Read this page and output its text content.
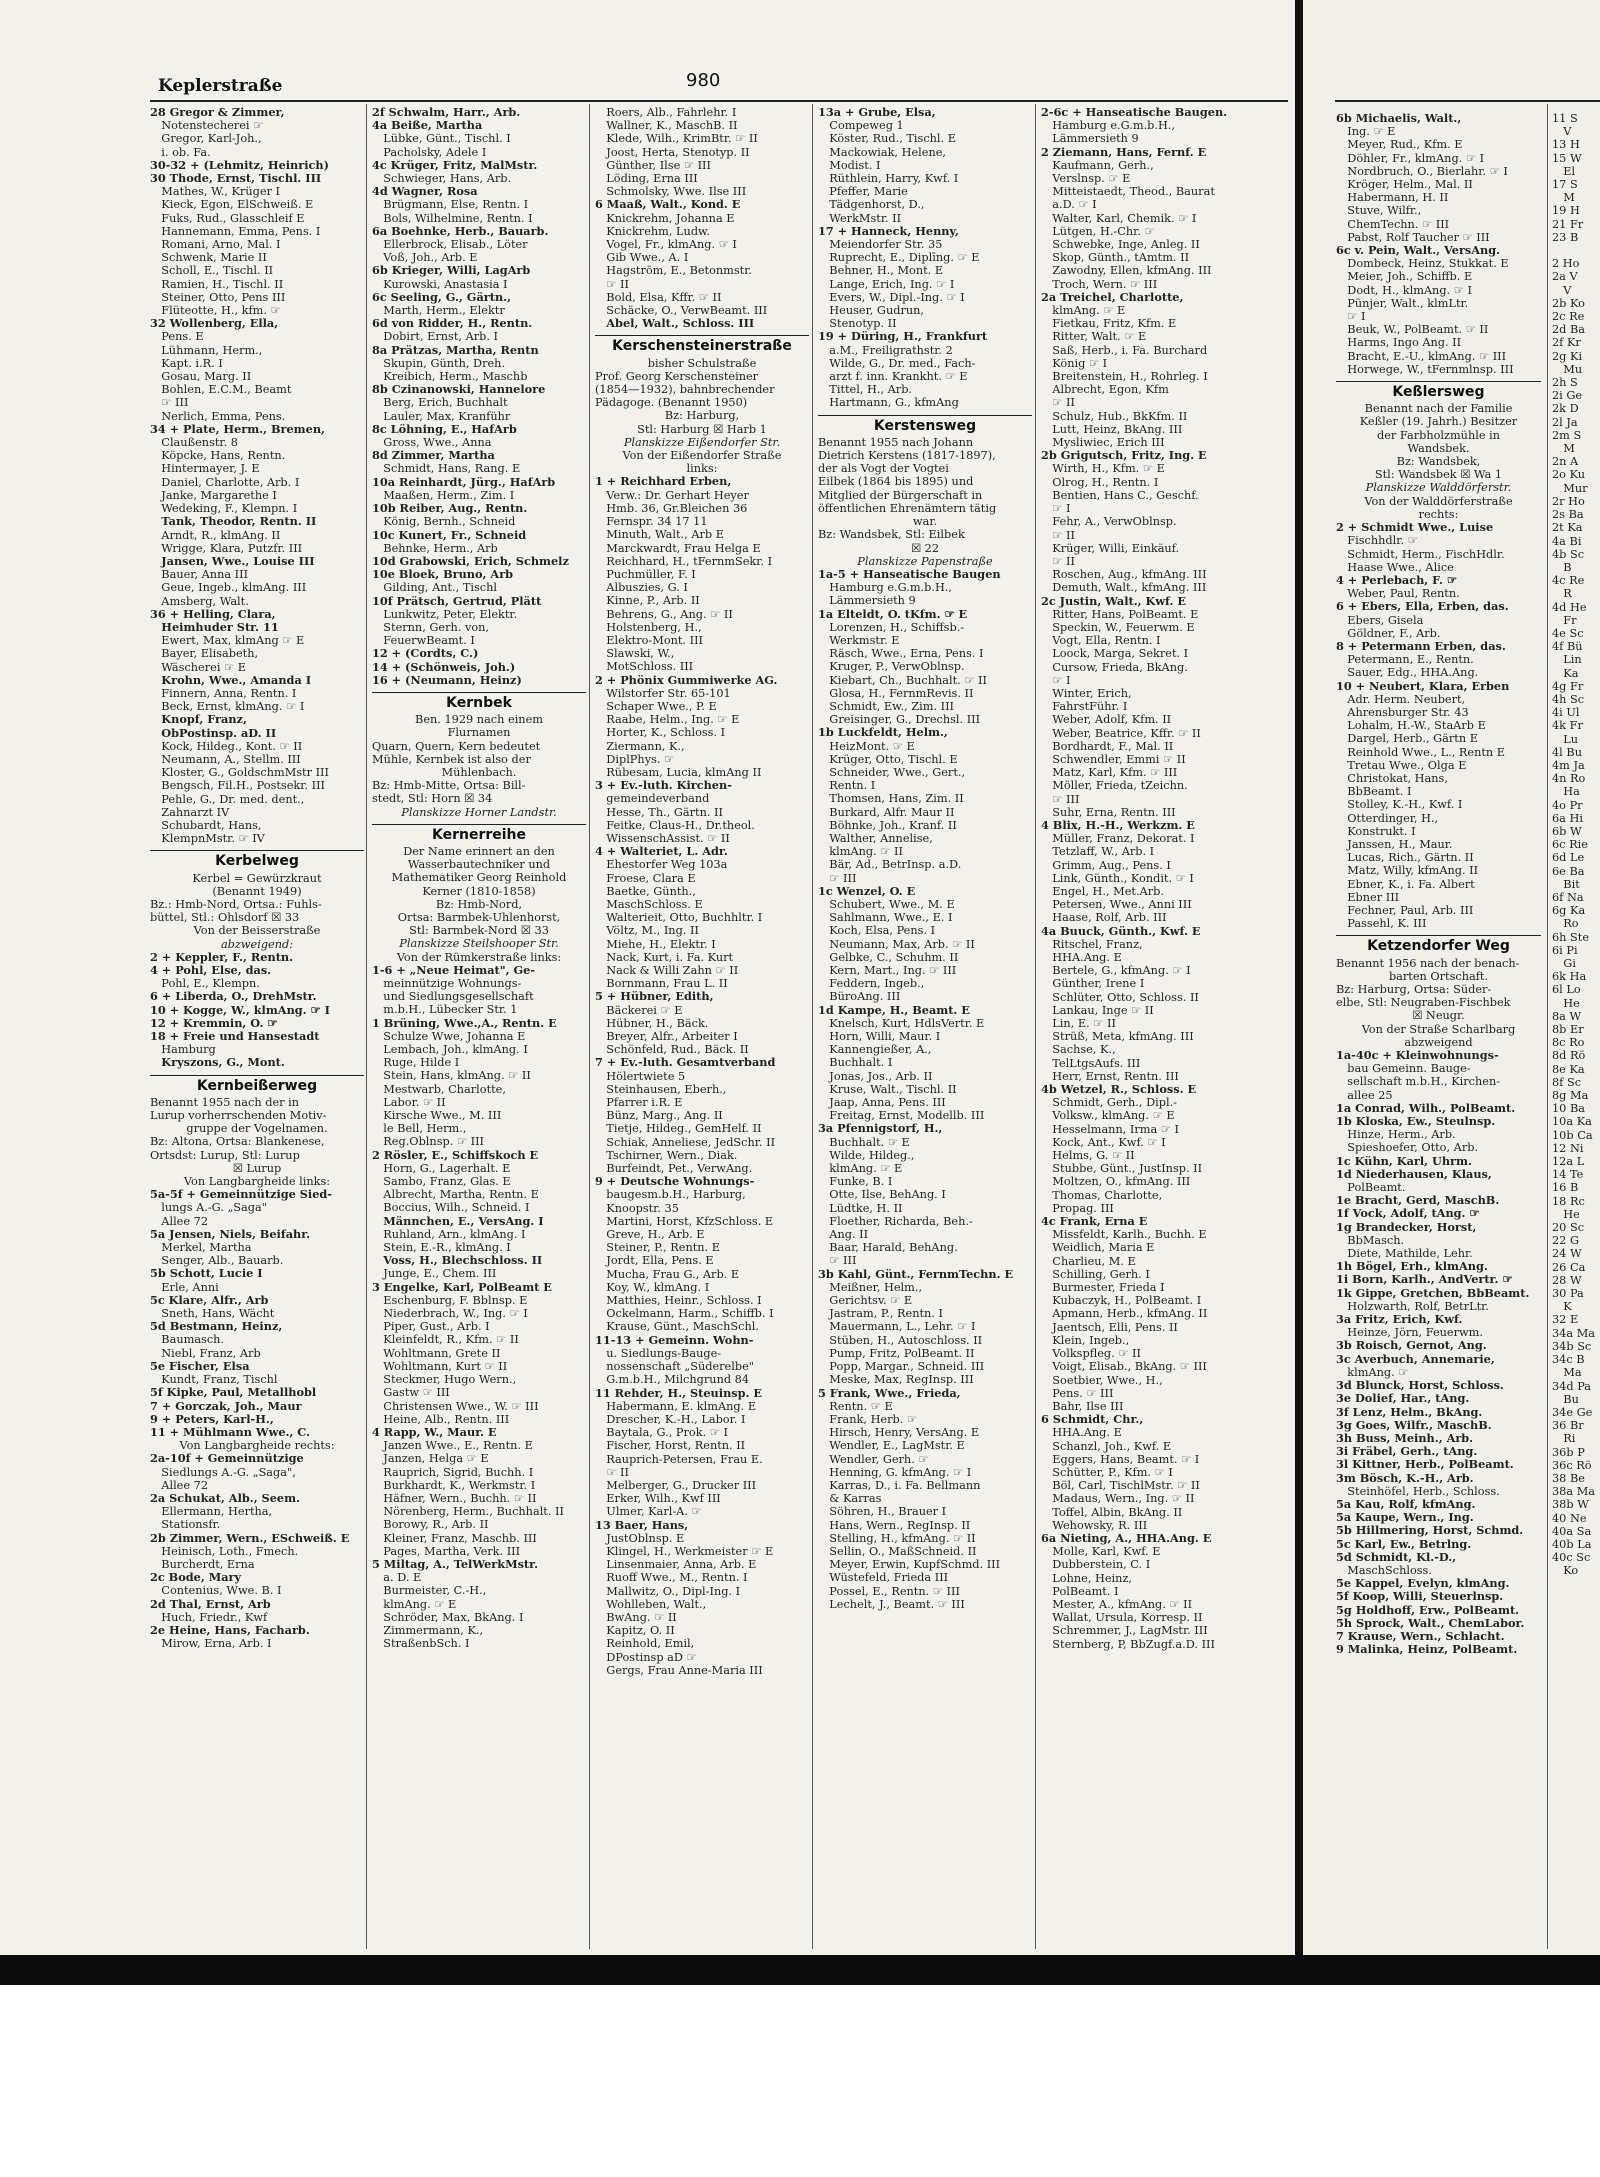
Keplerstraße	980
28 Gregor & Zimmer,
 Notenstecherei ☞
 Gregor, Karl-Joh.,
 i. ob. Fa.
30-32 + (Lehmitz, Heinrich)
30 Thode, Ernst, Tischl. III
 Mathes, W., Krüger I
 Kieck, Egon, ElSchweiß. E
 Fuks, Rud., Glasschleif E
 Hannemann, Emma, Pens. I
 Romani, Arno, Mal. I
 Schwenk, Marie II
 Scholl, E., Tischl. II
 Ramien, H., Tischl. II
 Steiner, Otto, Pens III
 Flüteotte, H., kfm. ☞
32 Wollenberg, Ella,
 Pens. E
 Lühmann, Herm.,
 Kapt. i.R. I
 Gosau, Marg. II
 Bohlen, E.C.M., Beamt
 ☞ III
 Nerlich, Emma, Pens.
34 + Plate, Herm., Bremen,
 Claußenstr. 8
 Köpcke, Hans, Rentn.
 Hintermayer, J. E
 Daniel, Charlotte, Arb. I
 Janke, Margarethe I
 Wedeking, F., Klempn. I
 Tank, Theodor, Rentn. II
 Arndt, R., klmAng. II
 Wrigge, Klara, Putzfr. III
 Jansen, Wwe., Louise III
 Bauer, Anna III
 Geue, Ingeb., klmAng. III
 Amsberg, Walt.
36 + Helling, Clara,
 Heimhuder Str. 11
 Ewert, Max, klmAng ☞ E
 Bayer, Elisabeth,
 Wäscherei ☞ E
 Krohn, Wwe., Amanda I
 Finnern, Anna, Rentn. I
 Beck, Ernst, klmAng. ☞ I
 Knopf, Franz,
 ObPostinsp. aD. II
 Kock, Hildeg., Kont. ☞ II
 Neumann, A., Stellm. III
 Kloster, G., GoldschmMstr III
 Bengsch, Fil.H., Postsekr. III
 Pehle, G., Dr. med. dent.,
 Zahnarzt IV
 Schubardt, Hans,
 KlempnMstr. ☞ IV
Kerbelweg
Kerbel = Gewürzkraut
(Benannt 1949)
Bz.: Hmb-Nord, Ortsa.: Fuhls-
büttel, Stl.: Ohlsdorf ☒ 33
Von der Beisserstraße
abzweigend:
2 + Keppler, F., Rentn.
4 + Pohl, Else, das.
 Pohl, E., Klempn.
6 + Liberda, O., DrehMstr.
10 + Kogge, W., klmAng. ☞ I
12 + Kremmin, O. ☞
18 + Freie und Hansestadt
 Hamburg
 Kryszons, G., Mont.
Kernbeißerweg
Benannt 1955 nach der in
Lurup vorherrschenden Motiv-
gruppe der Vogelnamen.
Bz: Altona, Ortsa: Blankenese,
Ortsdst: Lurup, Stl: Lurup
☒ Lurup
Von Langbargheide links:
5a-5f + Gemeinnützige Sied-
 lungs A.-G. „Saga"
 Allee 72
5a Jensen, Niels, Beifahr.
 Merkel, Martha
 Senger, Alb., Bauarb.
5b Schott, Lucie I
 Erle, Anni
5c Klare, Alfr., Arb
 Sneth, Hans, Wächt
5d Bestmann, Heinz,
 Baumasch.
 Niebl, Franz, Arb
5e Fischer, Elsa
 Kundt, Franz, Tischl
5f Kipke, Paul, Metallhobl
7 + Gorczak, Joh., Maur
9 + Peters, Karl-H.,
11 + Mühlmann Wwe., C.
Von Langbargheide rechts:
2a-10f + Gemeinnützige
 Siedlungs A.-G. „Saga",
 Allee 72
2a Schukat, Alb., Seem.
 Ellermann, Hertha,
 Stationsfr.
2b Zimmer, Wern., ESchweiß. E
 Heinisch, Loth., Fmech.
 Burcherdt, Erna
2c Bode, Mary
 Contenius, Wwe. B. I
2d Thal, Ernst, Arb
 Huch, Friedr., Kwf
2e Heine, Hans, Facharb.
 Mirow, Erna, Arb. I
2f Schwalm, Harr., Arb.
4a Beiße, Martha
 Lübke, Günt., Tischl. I
 Pacholsky, Adele I
4c Krüger, Fritz, MalMstr.
 Schwieger, Hans, Arb.
4d Wagner, Rosa
 Brügmann, Else, Rentn. I
 Bols, Wilhelmine, Rentn. I
6a Boehnke, Herb., Bauarb.
 Ellerbrock, Elisab., Löter
 Voß, Joh., Arb. E
6b Krieger, Willi, LagArb
 Kurowski, Anastasia I
6c Seeling, G., Gärtn.,
 Marth, Herm., Elektr
6d von Ridder, H., Rentn.
 Dobirt, Ernst, Arb. I
8a Prätzas, Martha, Rentn
 Skupin, Günth, Dreh.
 Kreibich, Herm., Maschb
8b Czinanowski, Hannelore
 Berg, Erich, Buchhalt
 Lauler, Max, Kranführ
8c Löhning, E., HafArb
 Gross, Wwe., Anna
8d Zimmer, Martha
 Schmidt, Hans, Rang. E
10a Reinhardt, Jürg., HafArb
 Maaßen, Herm., Zim. I
10b Reiber, Aug., Rentn.
 König, Bernh., Schneid
10c Kunert, Fr., Schneid
 Behnke, Herm., Arb
10d Grabowski, Erich, Schmelz
10e Bloek, Bruno, Arb
 Gilding, Ant., Tischl
10f Prätsch, Gertrud, Plätt
 Lunkwitz, Peter, Elektr.
 Sternn, Gerh. von,
 FeuerwBeamt. I
12 + (Cordts, C.)
14 + (Schönweis, Joh.)
16 + (Neumann, Heinz)
Kernbek
Ben. 1929 nach einem
Flurnamen
Quarn, Quern, Kern bedeutet
Mühle, Kernbek ist also der
Mühlenbach.
Bz: Hmb-Mitte, Ortsa: Bill-
stedt, Stl: Horn ☒ 34
Planskizze Horner Landstr.
Kernerreihe
Der Name erinnert an den
Wasserbautechniker und
Mathematiker Georg Reinhold
Kerner (1810-1858)
Bz: Hmb-Nord,
Ortsa: Barmbek-Uhlenhorst,
Stl: Barmbek-Nord ☒ 33
Planskizze Steilshooper Str.
Von der Rümkerstraße links:
1-6 + „Neue Heimat", Ge-
 meinnützige Wohnungs-
 und Siedlungsgesellschaft
 m.b.H., Lübecker Str. 1
1 Brüning, Wwe.,A., Rentn. E
 Schulze Wwe, Johanna E
 Lembach, Joh., klmAng. I
 Ruge, Hilde I
 Stein, Hans, klmAng. ☞ II
 Mestwarb, Charlotte,
 Labor. ☞ II
 Kirsche Wwe., M. III
 le Bell, Herm.,
 Reg.Oblnsp. ☞ III
2 Rösler, E., Schiffskoch E
 Horn, G., Lagerhalt. E
 Sambo, Franz, Glas. E
 Albrecht, Martha, Rentn. E
 Boccius, Wilh., Schneid. I
 Männchen, E., VersAng. I
 Ruhland, Arn., klmAng. I
 Stein, E.-R., klmAng. I
 Voss, H., Blechschloss. II
 Junge, E., Chem. III
3 Engelke, Karl, PolBeamt E
 Eschenburg, F. Bblnsp. E
 Niederbrach, W., Ing. ☞ I
 Piper, Gust., Arb. I
 Kleinfeldt, R., Kfm. ☞ II
 Wohltmann, Grete II
 Wohltmann, Kurt ☞ II
 Steckmer, Hugo Wern.,
 Gastw ☞ III
 Christensen Wwe., W. ☞ III
 Heine, Alb., Rentn. III
4 Rapp, W., Maur. E
 Janzen Wwe., E., Rentn. E
 Janzen, Helga ☞ E
 Rauprich, Sigrid, Buchh. I
 Burkhardt, K., Werkmstr. I
 Häfner, Wern., Buchh. ☞ II
 Nörenberg, Herm., Buchhalt. II
 Borowy, R., Arb. II
 Kleiner, Franz, Maschb. III
 Pages, Martha, Verk. III
5 Miltag, A., TelWerkMstr.
 a. D. E
 Burmeister, C.-H.,
 klmAng. ☞ E
 Schröder, Max, BkAng. I
 Zimmermann, K.,
 StraßenbSch. I
 Roers, Alb., Fahrlehr. I
 Wallner, K., MaschB. II
 Klede, Wilh., KrimBtr. ☞ II
 Joost, Herta, Stenotyp. II
 Günther, Ilse ☞ III
 Löding, Erna III
 Schmolsky, Wwe. Ilse III
6 Maaß, Walt., Kond. E
 Knickrehm, Johanna E
 Knickrehm, Ludw.
 Vogel, Fr., klmAng. ☞ I
 Gib Wwe., A. I
 Hagström, E., Betonmstr.
 ☞ II
 Bold, Elsa, Kffr. ☞ II
 Schäcke, O., VerwBeamt. III
 Abel, Walt., Schloss. III
Kerschensteinerstraße
bisher Schulstraße
Prof. Georg Kerschensteiner
(1854—1932), bahnbrechender
Pädagoge. (Benannt 1950)
Bz: Harburg,
Stl: Harburg ☒ Harb 1
Planskizze Eißendorfer Str.
Von der Eißendorfer Straße
links:
1 + Reichhard Erben,
 Verw.: Dr. Gerhart Heyer
 Hmb. 36, Gr.Bleichen 36
 Fernspr. 34 17 11
 Minuth, Walt., Arb E
 Marckwardt, Frau Helga E
 Reichhard, H., tFernmSekr. I
 Puchmüller, F. I
 Albuszies, G. I
 Kinne, P., Arb. II
 Behrens, G., Ang. ☞ II
 Holstenberg, H.,
 Elektro-Mont. III
 Slawski, W.,
 MotSchloss. III
2 + Phönix Gummiwerke AG.
 Wilstorfer Str. 65-101
 Schaper Wwe., P. E
 Raabe, Helm., Ing. ☞ E
 Horter, K., Schloss. I
 Ziermann, K.,
 DiplPhys. ☞
 Rübesam, Lucia, klmAng II
3 + Ev.-luth. Kirchen-
 gemeindeverband
 Hesse, Th., Gärtn. II
 Feitke, Claus-H., Dr.theol.
 WissenschAssist. ☞ II
4 + Walteriet, L. Adr.
 Ehestorfer Weg 103a
 Froese, Clara E
 Baetke, Günth.,
 MaschSchloss. E
 Walterieit, Otto, Buchhltr. I
 Völtz, M., Ing. II
 Miehe, H., Elektr. I
 Nack, Kurt, i. Fa. Kurt
 Nack & Willi Zahn ☞ II
 Bornmann, Frau L. II
5 + Hübner, Edith,
 Bäckerei ☞ E
 Hübner, H., Bäck.
 Breyer, Alfr., Arbeiter I
 Schönfeld, Rud., Bäck. II
7 + Ev.-luth. Gesamtverband
 Hölertwiete 5
 Steinhausen, Eberh.,
 Pfarrer i.R. E
 Bünz, Marg., Ang. II
 Tietje, Hildeg., GemHelf. II
 Schiak, Anneliese, JedSchr. II
 Tschirner, Wern., Diak.
 Burfeindt, Pet., VerwAng.
9 + Deutsche Wohnungs-
 baugesm.b.H., Harburg,
 Knoopstr. 35
 Martini, Horst, KfzSchloss. E
 Greve, H., Arb. E
 Steiner, P., Rentn. E
 Jordt, Ella, Pens. E
 Mucha, Frau G., Arb. E
 Koy, W., klmAng. I
 Matthies, Heinr., Schloss. I
 Ockelmann, Harm., Schiffb. I
 Krause, Günt., MaschSchl.
11-13 + Gemeinn. Wohn-
 u. Siedlungs-Bauge-
 nossenschaft „Süderelbe"
 G.m.b.H., Milchgrund 84
11 Rehder, H., Steuinsp. E
 Habermann, E. klmAng. E
 Drescher, K.-H., Labor. I
 Baytala, G., Prok. ☞ I
 Fischer, Horst, Rentn. II
 Rauprich-Petersen, Frau E.
 ☞ II
 Melberger, G., Drucker III
 Erker, Wilh., Kwf III
 Ulmer, Karl-A. ☞
13 Baer, Hans,
 JustOblnsp. E
 Klingel, H., Werkmeister ☞ E
 Linsenmaier, Anna, Arb. E
 Ruoff Wwe., M., Rentn. I
 Mallwitz, O., Dipl-Ing. I
 Wohlleben, Walt.,
 BwAng. ☞ II
 Kapitz, O. II
 Reinhold, Emil,
 DPostinsp aD ☞
 Gergs, Frau Anne-Maria III
13a + Grube, Elsa,
 Compeweg 1
 Köster, Rud., Tischl. E
 Mackowiak, Helene,
 Modist. I
 Rüthlein, Harry, Kwf. I
 Pfeffer, Marie
 Tädgenhorst, D.,
 WerkMstr. II
17 + Hanneck, Henny,
 Meiendorfer Str. 35
 Ruprecht, E., Diplīng. ☞ E
 Behner, H., Mont. E
 Lange, Erich, Ing. ☞ I
 Evers, W., Dipl.-Ing. ☞ I
 Heuser, Gudrun,
 Stenotyp. II
19 + Düring, H., Frankfurt
 a.M., Freiligrathstr. 2
 Wilde, G., Dr. med., Fach-
 arzt f. inn. Krankht. ☞ E
 Tittel, H., Arb.
 Hartmann, G., kfmAng
Kerstensweg
Benannt 1955 nach Johann
Dietrich Kerstens (1817-1897),
der als Vogt der Vogtei
Eilbek (1864 bis 1895) und
Mitglied der Bürgerschaft in
öffentlichen Ehrenämtern tätig
war.
Bz: Wandsbek, Stl: Eilbek
☒ 22
Planskizze Papenstraße
1a-5 + Hanseatische Baugen
 Hamburg e.G.m.b.H.,
 Lämmersieth 9
1a Elteldt, O. tKfm. ☞ E
 Lorenzen, H., Schiffsb.-
 Werkmstr. E
 Räsch, Wwe., Erna, Pens. I
 Kruger, P., VerwOblnsp.
 Kiebart, Ch., Buchhalt. ☞ II
 Glosa, H., FernmRevis. II
 Schmidt, Ew., Zim. III
 Greisinger, G., Drechsl. III
1b Luckfeldt, Helm.,
 HeizMont. ☞ E
 Krüger, Otto, Tischl. E
 Schneider, Wwe., Gert.,
 Rentn. I
 Thomsen, Hans, Zim. II
 Burkard, Alfr. Maur II
 Böhnke, Joh., Kranf. II
 Walther, Annelise,
 klmAng. ☞ II
 Bär, Ad., BetrInsp. a.D.
 ☞ III
1c Wenzel, O. E
 Schubert, Wwe., M. E
 Sahlmann, Wwe., E. I
 Koch, Elsa, Pens. I
 Neumann, Max, Arb. ☞ II
 Gelbke, C., Schuhm. II
 Kern, Mart., Ing. ☞ III
 Feddern, Ingeb.,
 BüroAng. III
1d Kampe, H., Beamt. E
 Knelsch, Kurt, HdlsVertr. E
 Horn, Willi, Maur. I
 Kannengießer, A.,
 Buchhalt. I
 Jonas, Jos., Arb. II
 Kruse, Walt., Tischl. II
 Jaap, Anna, Pens. III
 Freitag, Ernst, Modellb. III
3a Pfennigstorf, H.,
 Buchhalt. ☞ E
 Wilde, Hildeg.,
 klmAng. ☞ E
 Funke, B. I
 Otte, Ilse, BehAng. I
 Lüdtke, H. II
 Floether, Richarda, Beh.-
 Ang. II
 Baar, Harald, BehAng.
 ☞ III
3b Kahl, Günt., FernmTechn. E
 Meißner, Helm.,
 Gerichtsv. ☞ E
 Jastram, P., Rentn. I
 Mauermann, L., Lehr. ☞ I
 Stüben, H., Autoschloss. II
 Pump, Fritz, PolBeamt. II
 Popp, Margar., Schneid. III
 Meske, Max, RegInsp. III
5 Frank, Wwe., Frieda,
 Rentn. ☞ E
 Frank, Herb. ☞
 Hirsch, Henry, VersAng. E
 Wendler, E., LagMstr. E
 Wendler, Gerh. ☞
 Henning, G. kfmAng. ☞ I
 Karras, D., i. Fa. Bellmann
 & Karras
 Söhren, H., Brauer I
 Hans, Wern., RegInsp. II
 Stelling, H., kfmAng. ☞ II
 Sellin, O., MaßSchneid. II
 Meyer, Erwin, KupfSchmd. III
 Wüstefeld, Frieda III
 Possel, E., Rentn. ☞ III
 Lechelt, J., Beamt. ☞ III
2-6c + Hanseatische Baugen.
 Hamburg e.G.m.b.H.,
 Lämmersieth 9
2 Ziemann, Hans, Fernf. E
 Kaufmann, Gerh.,
 Verslnsp. ☞ E
 Mitteistaedt, Theod., Baurat
 a.D. ☞ I
 Walter, Karl, Chemik. ☞ I
 Lütgen, H.-Chr. ☞
 Schwebke, Inge, Anleg. II
 Skop, Günth., tAmtm. II
 Zawodny, Ellen, kfmAng. III
 Troch, Wern. ☞ III
2a Treichel, Charlotte,
 klmAng. ☞ E
 Fietkau, Fritz, Kfm. E
 Ritter, Walt. ☞ E
 Saß, Herb., i. Fa. Burchard
 König ☞ I
 Breitenstein, H., Rohrleg. I
 Albrecht, Egon, Kfm
 ☞ II
 Schulz, Hub., BkKfm. II
 Lutt, Heinz, BkAng. III
 Mysliwiec, Erich III
2b Grigutsch, Fritz, Ing. E
 Wirth, H., Kfm. ☞ E
 Olrog, H., Rentn. I
 Bentien, Hans C., Geschf.
 ☞ I
 Fehr, A., VerwOblnsp.
 ☞ II
 Krüger, Willi, Einkäuf.
 ☞ II
 Roschen, Aug., kfmAng. III
 Demuth, Walt., kfmAng. III
2c Justin, Walt., Kwf. E
 Ritter, Hans, PolBeamt. E
 Speckin, W., Feuerwm. E
 Vogt, Ella, Rentn. I
 Loock, Marga, Sekret. I
 Cursow, Frieda, BkAng.
 ☞ I
 Winter, Erich,
 FahrstFühr. I
 Weber, Adolf, Kfm. II
 Weber, Beatrice, Kffr. ☞ II
 Bordhardt, F., Mal. II
 Schwendler, Emmi ☞ II
 Matz, Karl, Kfm. ☞ III
 Möller, Frieda, tZeichn.
 ☞ III
 Suhr, Erna, Rentn. III
4 Blix, H.-H., Werkzm. E
 Müller, Franz, Dekorat. I
 Tetzlaff, W., Arb. I
 Grimm, Aug., Pens. I
 Link, Günth., Kondit. ☞ I
 Engel, H., Met.Arb.
 Petersen, Wwe., Anni III
 Haase, Rolf, Arb. III
4a Buuck, Günth., Kwf. E
 Ritschel, Franz,
 HHA.Ang. E
 Bertele, G., kfmAng. ☞ I
 Günther, Irene I
 Schlüter, Otto, Schloss. II
 Lankau, Inge ☞ II
 Lin, E. ☞ II
 Strüß, Meta, kfmAng. III
 Sachse, K.,
 TelLtgsAufs. III
 Herr, Ernst, Rentn. III
4b Wetzel, R., Schloss. E
 Schmidt, Gerh., Dipl.-
 Volksw., klmAng. ☞ E
 Hesselmann, Irma ☞ I
 Kock, Ant., Kwf. ☞ I
 Helms, G. ☞ II
 Stubbe, Günt., JustInsp. II
 Moltzen, O., kfmAng. III
 Thomas, Charlotte,
 Propag. III
4c Frank, Erna E
 Missfeldt, Karlh., Buchh. E
 Weidlich, Maria E
 Charlieu, M. E
 Schilling, Gerh. I
 Burmester, Frieda I
 Kubaczyk, H., PolBeamt. I
 Apmann, Herb., kfmAng. II
 Jaentsch, Elli, Pens. II
 Klein, Ingeb.,
 Volkspfleg. ☞ II
 Voigt, Elisab., BkAng. ☞ III
 Soetbier, Wwe., H.,
 Pens. ☞ III
 Bahr, Ilse III
6 Schmidt, Chr.,
 HHA.Ang. E
 Schanzl, Joh., Kwf. E
 Eggers, Hans, Beamt. ☞ I
 Schütter, P., Kfm. ☞ I
 Böl, Carl, TischlMstr. ☞ II
 Madaus, Wern., Ing. ☞ II
 Toffel, Albin, BkAng. II
 Wehowsky, R. III
6a Nieting, A., HHA.Ang. E
 Molle, Karl, Kwf. E
 Dubberstein, C. I
 Lohne, Heinz,
 PolBeamt. I
 Mester, A., kfmAng. ☞ II
 Wallat, Ursula, Korresp. II
 Schremmer, J., LagMstr. III
 Sternberg, P, BbZugf.a.D. III
6b Michaelis, Walt.,
 Ing. ☞ E
 Meyer, Rud., Kfm. E
 Döhler, Fr., klmAng. ☞ I
 Nordbruch, O., Bierlahr. ☞ I
 Kröger, Helm., Mal. II
 Habermann, H. II
 Stuve, Wilfr.,
 ChemTechn. ☞ III
 Pabst, Rolf Taucher ☞ III
6c v. Pein, Walt., VersAng.
 Dombeck, Heinz, Stukkat. E
 Meier, Joh., Schiffb. E
 Dodt, H., klmAng. ☞ I
 Pünjer, Walt., klmLtr.
 ☞ I
 Beuk, W., PolBeamt. ☞ II
 Harms, Ingo Ang. II
 Bracht, E.-U., klmAng. ☞ III
 Horwege, W., tFernmlnsp. III
Keßlersweg
Benannt nach der Familie
Keßler (19. Jahrh.) Besitzer
der Farbholzmühle in
Wandsbek.
Bz: Wandsbek,
Stl: Wandsbek ☒ Wa 1
Planskizze Walddörferstr.
Von der Walddörferstraße
rechts:
2 + Schmidt Wwe., Luise
 Fischhdlr. ☞
 Schmidt, Herm., FischHdlr.
 Haase Wwe., Alice
4 + Perlebach, F. ☞
 Weber, Paul, Rentn.
6 + Ebers, Ella, Erben, das.
 Ebers, Gisela
 Göldner, F., Arb.
8 + Petermann Erben, das.
 Petermann, E., Rentn.
 Sauer, Edg., HHA.Ang.
10 + Neubert, Klara, Erben
 Adr. Herm. Neubert,
 Ahrensburger Str. 43
 Lohalm, H.-W., StaArb E
 Dargel, Herb., Gärtn E
 Reinhold Wwe., L., Rentn E
 Tretau Wwe., Olga E
 Christokat, Hans,
 BbBeamt. I
 Stolley, K.-H., Kwf. I
 Otterdinger, H.,
 Konstrukt. I
 Janssen, H., Maur.
 Lucas, Rich., Gärtn. II
 Matz, Willy, kfmAng. II
 Ebner, K., i. Fa. Albert
 Ebner III
 Fechner, Paul, Arb. III
 Passehl, K. III
Ketzendorfer Weg
Benannt 1956 nach der benach-
barten Ortschaft.
Bz: Harburg, Ortsa: Süder-
elbe, Stl: Neugraben-Fischbek
☒ Neugr.
Von der Straße Scharlbarg
abzweigend
1a-40c + Kleinwohnungs-
 bau Gemeinn. Bauge-
 sellschaft m.b.H., Kirchen-
 allee 25
1a Conrad, Wilh., PolBeamt.
1b Kloska, Ew., Steulnsp.
 Hinze, Herm., Arb.
 Spieshoefer, Otto, Arb.
1c Kühn, Karl, Uhrm.
1d Niederhausen, Klaus,
 PolBeamt.
1e Bracht, Gerd, MaschB.
1f Vock, Adolf, tAng. ☞
1g Brandecker, Horst,
 BbMasch.
 Diete, Mathilde, Lehr.
1h Bögel, Erh., klmAng.
1i Born, Karlh., AndVertr. ☞
1k Gippe, Gretchen, BbBeamt.
 Holzwarth, Rolf, BetrLtr.
3a Fritz, Erich, Kwf.
 Heinze, Jörn, Feuerwm.
3b Roisch, Gernot, Ang.
3c Averbuch, Annemarie,
 klmAng. ☞
3d Blunck, Horst, Schloss.
3e Dolief, Har., tAng.
3f Lenz, Helm., BkAng.
3g Goes, Wilfr., MaschB.
3h Buss, Meinh., Arb.
3i Fräbel, Gerh., tAng.
3l Kittner, Herb., PolBeamt.
3m Bösch, K.-H., Arb.
 Steinhöfel, Herb., Schloss.
5a Kau, Rolf, kfmAng.
5a Kaupe, Wern., Ing.
5b Hillmering, Horst, Schmd.
5c Karl, Ew., Betrlng.
5d Schmidt, Kl.-D.,
 MaschSchloss.
5e Kappel, Evelyn, klmAng.
5f Koop, Willi, Steuerlnsp.
5g Holdhoff, Erw., PolBeamt.
5h Sprock, Walt., ChemLabor.
7 Krause, Wern., Schlacht.
9 Malinka, Heinz, PolBeamt.
11 S
 V
13 H
15 W
 El
17 S
 M
19 H
21 Fr
23 B

2 Ho
2a V
 V
2b Ko
2c Re
2d Ba
2f Kr
2g Ki
 Mu
2h S
2i Ge
2k D
2l Ja
2m S
 M
2n A
2o Ku
 Mur
2r Ho
2s Ba
2t Ka
4a Bi
4b Sc
 B
4c Re
 R
4d He
 Fr
4e Sc
4f Bü
 Lin
 Ka
4g Fr
4h Sc
4i Ul
4k Fr
 Lu
4l Bu
4m Ja
4n Ro
 Ha
4o Pr
6a Hi
6b W
6c Rie
6d Le
6e Ba
 Bit
6f Na
6g Ka
 Ro
6h Ste
6i Pi
 Gi
6k Ha
6l Lo
 He
8a W
8b Er
8c Ro
8d Rö
8e Ka
8f Sc
8g Ma
10 Ba
10a Ka
10b Ca
12 Ni
12a L
14 Te
16 B
18 Rc
 He
20 Sc
22 G
24 W
26 Ca
28 W
30 Pa
 K
32 E
34a Ma
34b Sc
34c B
 Ma
34d Pa
 Bu
34e Ge
36 Br
 Ri
36b P
36c Rö
38 Be
38a Ma
38b W
40 Ne
40a Sa
40b La
40c Sc
 Ko
